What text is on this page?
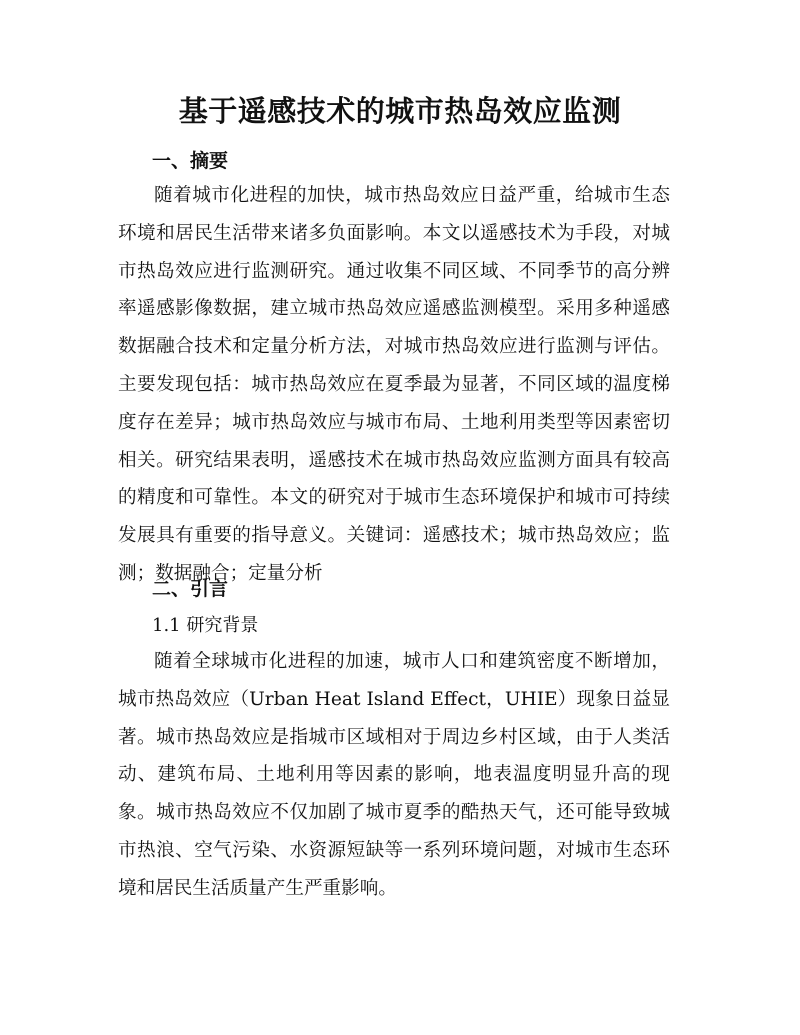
基于遥感技术的城市热岛效应监测
一、摘要
随着城市化进程的加快，城市热岛效应日益严重，给城市生态环境和居民生活带来诸多负面影响。本文以遥感技术为手段，对城市热岛效应进行监测研究。通过收集不同区域、不同季节的高分辨率遥感影像数据，建立城市热岛效应遥感监测模型。采用多种遥感数据融合技术和定量分析方法，对城市热岛效应进行监测与评估。主要发现包括：城市热岛效应在夏季最为显著，不同区域的温度梯度存在差异；城市热岛效应与城市布局、土地利用类型等因素密切相关。研究结果表明，遥感技术在城市热岛效应监测方面具有较高的精度和可靠性。本文的研究对于城市生态环境保护和城市可持续发展具有重要的指导意义。关键词：遥感技术；城市热岛效应；监测；数据融合；定量分析
二、引言
1.1 研究背景
随着全球城市化进程的加速，城市人口和建筑密度不断增加，城市热岛效应（Urban Heat Island Effect，UHIE）现象日益显著。城市热岛效应是指城市区域相对于周边乡村区域，由于人类活动、建筑布局、土地利用等因素的影响，地表温度明显升高的现象。城市热岛效应不仅加剧了城市夏季的酷热天气，还可能导致城市热浪、空气污染、水资源短缺等一系列环境问题，对城市生态环境和居民生活质量产生严重影响。
